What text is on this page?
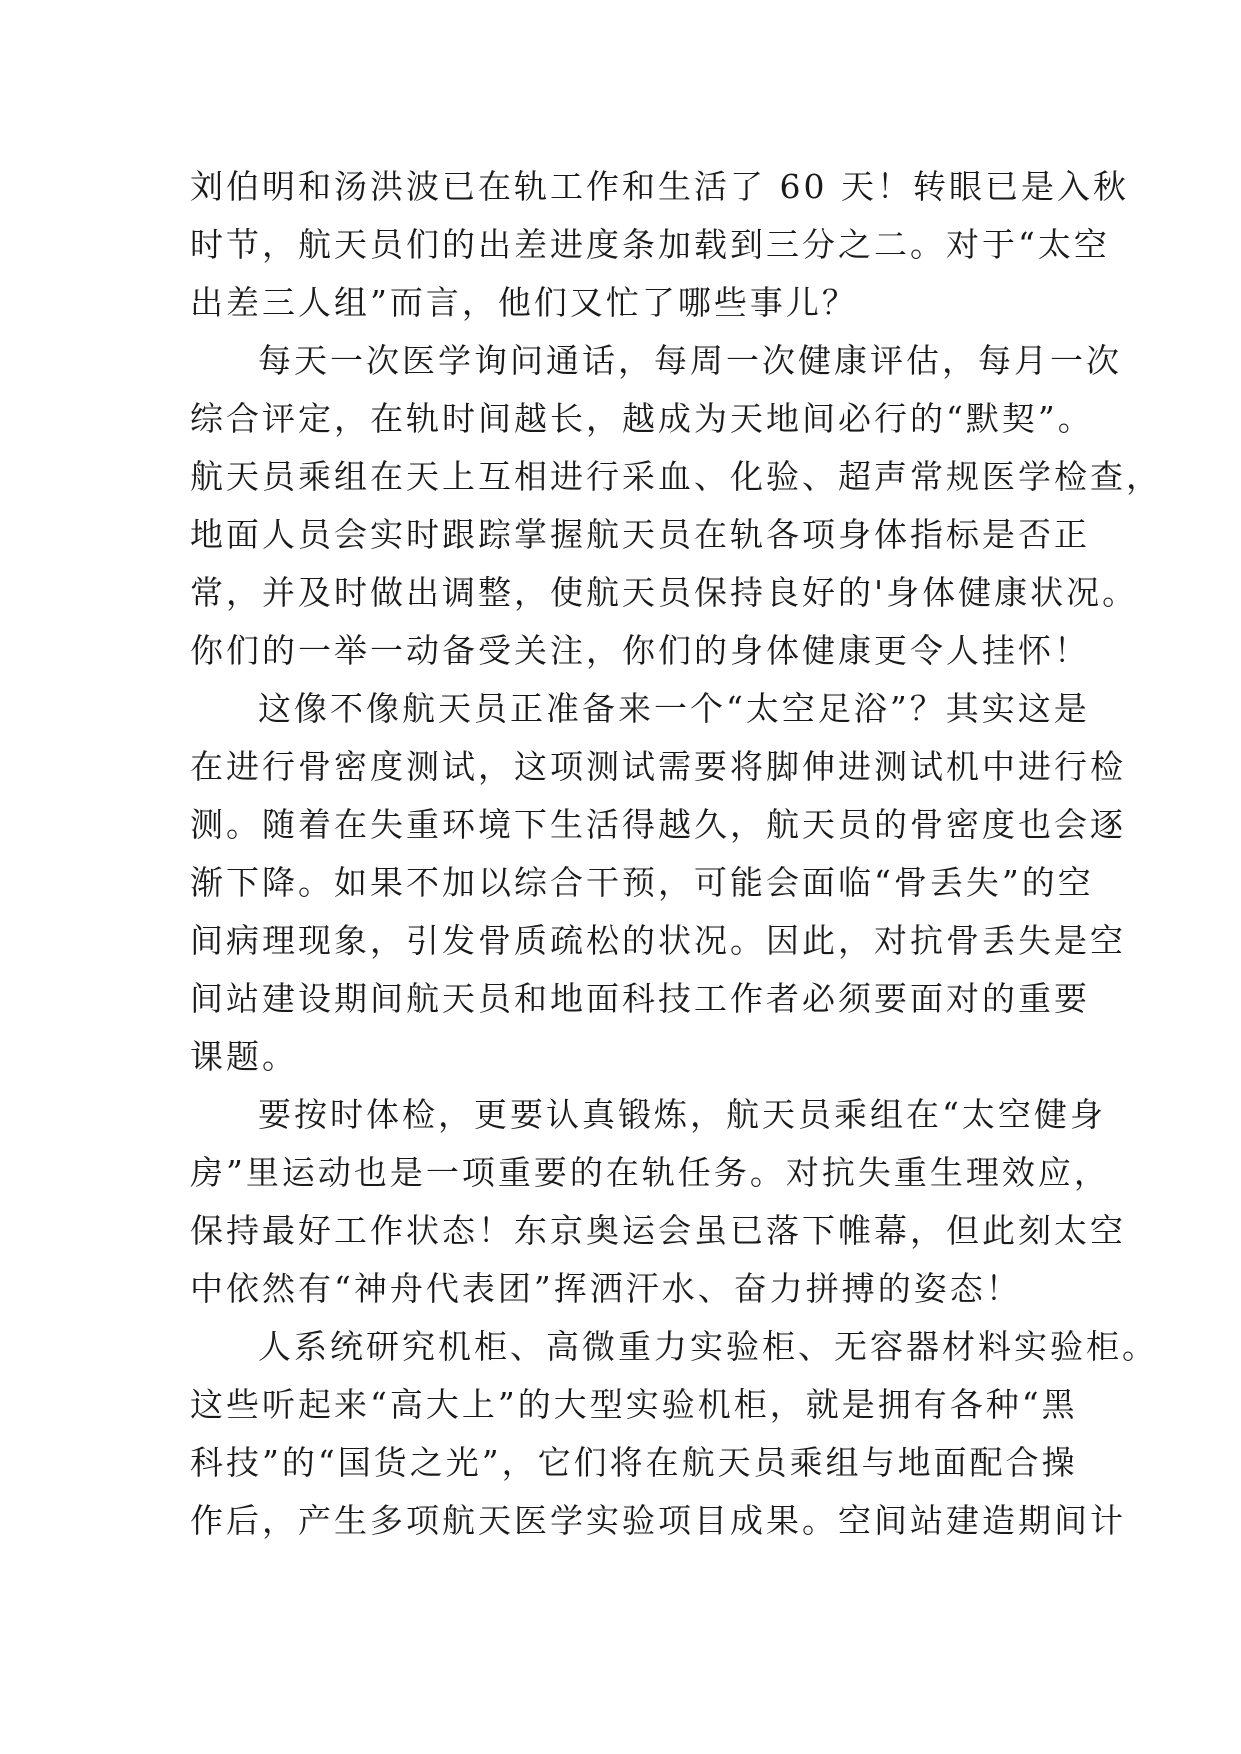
刘伯明和汤洪波已在轨工作和生活了 60 天！转眼已是入秋
时节，航天员们的出差进度条加载到三分之二。对于“太空
出差三人组”而言，他们又忙了哪些事儿？
每天一次医学询问通话，每周一次健康评估，每月一次
综合评定，在轨时间越长，越成为天地间必行的“默契”。
航天员乘组在天上互相进行采血、化验、超声常规医学检查，
地面人员会实时跟踪掌握航天员在轨各项身体指标是否正
常，并及时做出调整，使航天员保持良好的'身体健康状况。
你们的一举一动备受关注，你们的身体健康更令人挂怀！
这像不像航天员正准备来一个“太空足浴”？其实这是
在进行骨密度测试，这项测试需要将脚伸进测试机中进行检
测。随着在失重环境下生活得越久，航天员的骨密度也会逐
渐下降。如果不加以综合干预，可能会面临“骨丢失”的空
间病理现象，引发骨质疏松的状况。因此，对抗骨丢失是空
间站建设期间航天员和地面科技工作者必须要面对的重要
课题。
要按时体检，更要认真锻炼，航天员乘组在“太空健身
房”里运动也是一项重要的在轨任务。对抗失重生理效应，
保持最好工作状态！东京奥运会虽已落下帷幕，但此刻太空
中依然有“神舟代表团”挥洒汗水、奋力拼搏的姿态！
人系统研究机柜、高微重力实验柜、无容器材料实验柜。
这些听起来“高大上”的大型实验机柜，就是拥有各种“黑
科技”的“国货之光”，它们将在航天员乘组与地面配合操
作后，产生多项航天医学实验项目成果。空间站建造期间计
